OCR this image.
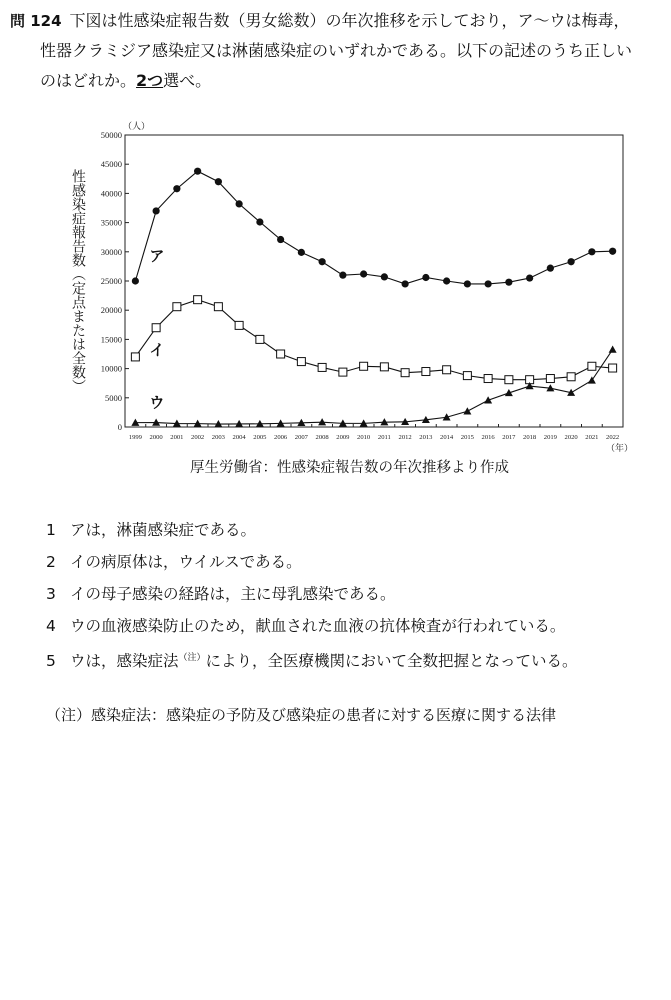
問 124 下図は性感染症報告数（男女総数）の年次推移を示しており，ア～ウは梅毒，
性器クラミジア感染症又は淋菌感染症のいずれかである。以下の記述のうち正しい
のはどれか。2つ選べ。
0
5000
10000
15000
20000
25000
30000
35000
40000
45000
50000
1999 2000 2001 2002 2003 2004 2005 2006 2007 2008 2009 2010 2011 2012 2013 2014 2015 2016 2017 2018 2019 2020 2021 2022
（人）
（年）
性感染症報告数（定点または全数）	ア
イ
ウ
厚生労働省：性感染症報告数の年次推移より作成
1 アは，淋菌感染症である。
2 イの病原体は，ウイルスである。
3 イの母子感染の経路は，主に母乳感染である。
4 ウの血液感染防止のため，献血された血液の抗体検査が行われている。
5 ウは，感染症法$^{(注)}$により，全医療機関において全数把握となっている。
（注）感染症法：感染症の予防及び感染症の患者に対する医療に関する法律
